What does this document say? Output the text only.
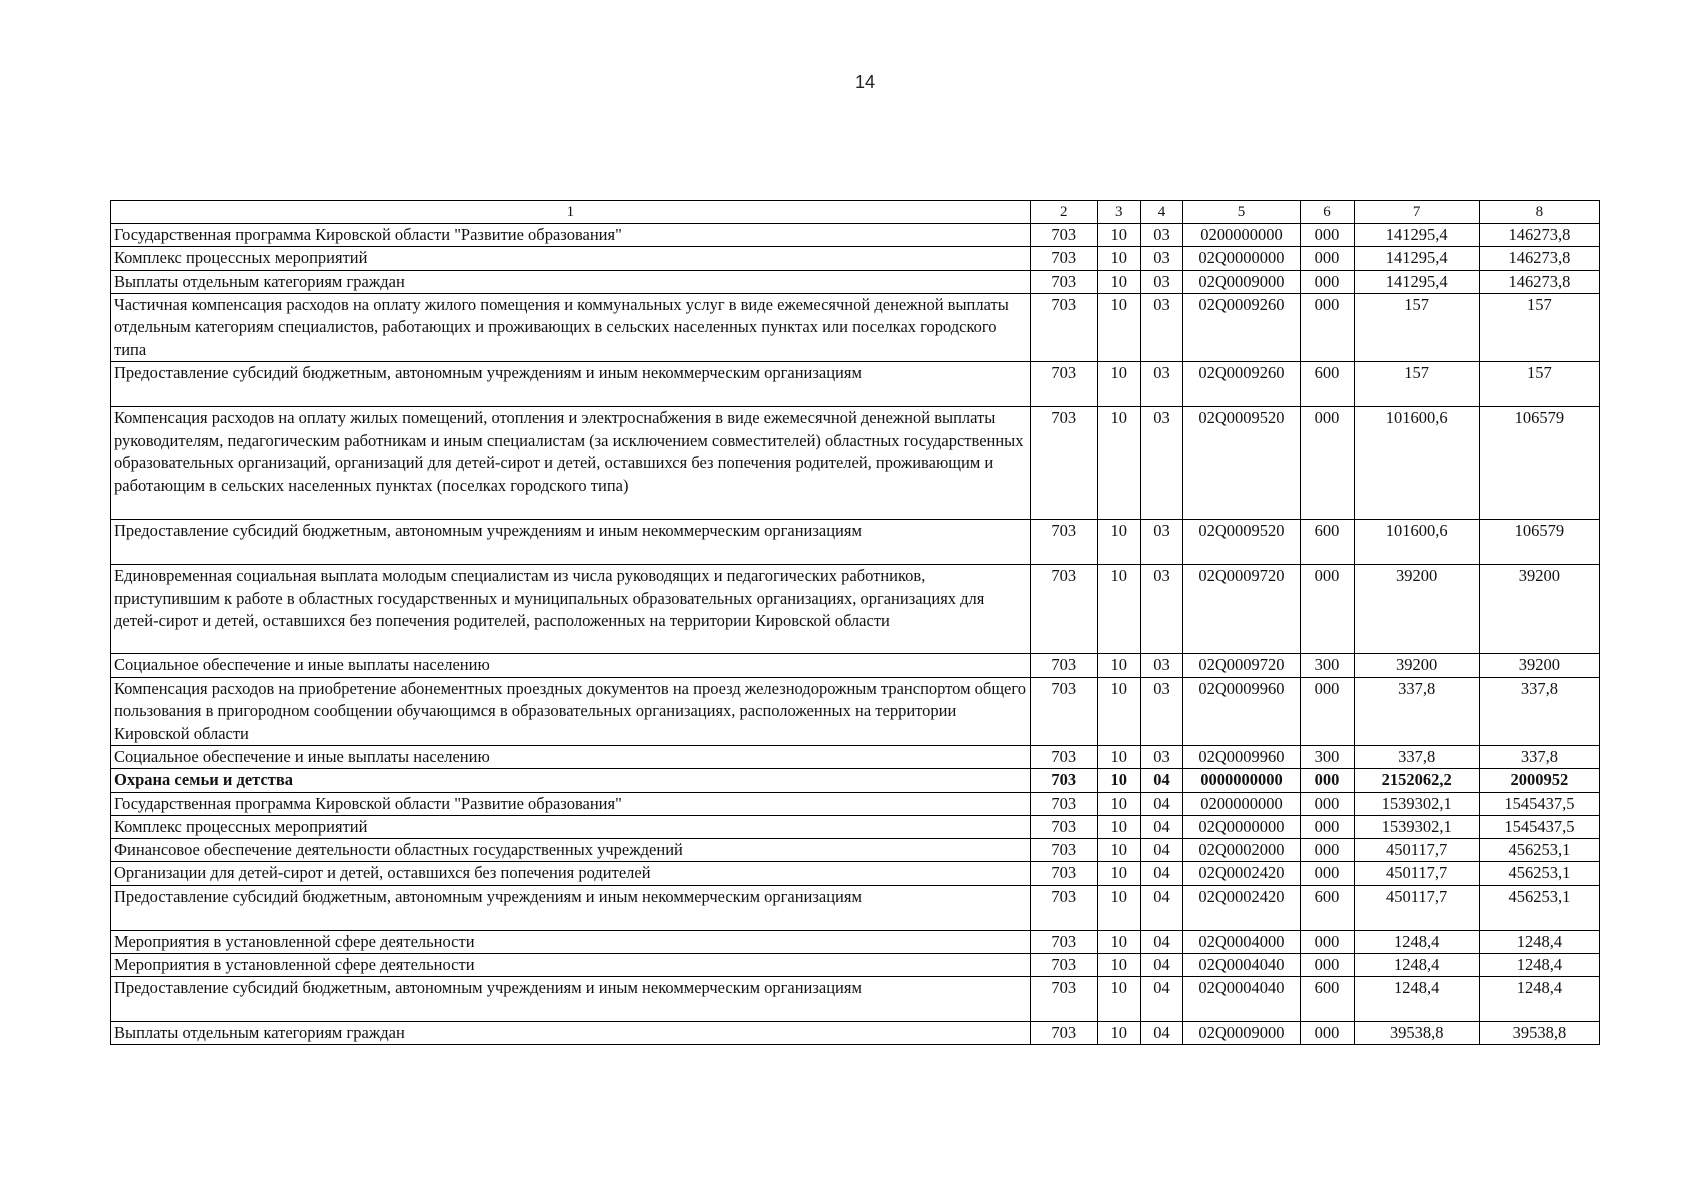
14
1	2	3	4	5	6	7	8
Государственная программа Кировской области "Развитие образования"	703	10	03	0200000000	000	141295,4	146273,8
Комплекс процессных мероприятий	703	10	03	02Q0000000	000	141295,4	146273,8
Выплаты отдельным категориям граждан	703	10	03	02Q0009000	000	141295,4	146273,8
Частичная компенсация расходов на оплату жилого помещения и коммунальных услуг в виде ежемесячной денежной выплаты отдельным категориям специалистов, работающих и проживающих в сельских населенных пунктах или поселках городского типа	703	10	03	02Q0009260	000	157	157
Предоставление субсидий бюджетным, автономным учреждениям и иным некоммерческим организациям	703	10	03	02Q0009260	600	157	157
Компенсация расходов на оплату жилых помещений, отопления и электроснабжения в виде ежемесячной денежной выплаты руководителям, педагогическим работникам и иным специалистам (за исключением совместителей) областных государственных образовательных организаций, организаций для детей-сирот и детей, оставшихся без попечения родителей, проживающим и работающим в сельских населенных пунктах (поселках городского типа)	703	10	03	02Q0009520	000	101600,6	106579
Предоставление субсидий бюджетным, автономным учреждениям и иным некоммерческим организациям	703	10	03	02Q0009520	600	101600,6	106579
Единовременная социальная выплата молодым специалистам из числа руководящих и педагогических работников, приступившим к работе в областных государственных и муниципальных образовательных организациях, организациях для детей-сирот и детей, оставшихся без попечения родителей, расположенных на территории Кировской области	703	10	03	02Q0009720	000	39200	39200
Социальное обеспечение и иные выплаты населению	703	10	03	02Q0009720	300	39200	39200
Компенсация расходов на приобретение абонементных проездных документов на проезд железнодорожным транспортом общего пользования в пригородном сообщении обучающимся в образовательных организациях, расположенных на территории Кировской области	703	10	03	02Q0009960	000	337,8	337,8
Социальное обеспечение и иные выплаты населению	703	10	03	02Q0009960	300	337,8	337,8
Охрана семьи и детства	703	10	04	0000000000	000	2152062,2	2000952
Государственная программа Кировской области "Развитие образования"	703	10	04	0200000000	000	1539302,1	1545437,5
Комплекс процессных мероприятий	703	10	04	02Q0000000	000	1539302,1	1545437,5
Финансовое обеспечение деятельности областных государственных учреждений	703	10	04	02Q0002000	000	450117,7	456253,1
Организации для детей-сирот и детей, оставшихся без попечения родителей	703	10	04	02Q0002420	000	450117,7	456253,1
Предоставление субсидий бюджетным, автономным учреждениям и иным некоммерческим организациям	703	10	04	02Q0002420	600	450117,7	456253,1
Мероприятия в установленной сфере деятельности	703	10	04	02Q0004000	000	1248,4	1248,4
Мероприятия в установленной сфере деятельности	703	10	04	02Q0004040	000	1248,4	1248,4
Предоставление субсидий бюджетным, автономным учреждениям и иным некоммерческим организациям	703	10	04	02Q0004040	600	1248,4	1248,4
Выплаты отдельным категориям граждан	703	10	04	02Q0009000	000	39538,8	39538,8
